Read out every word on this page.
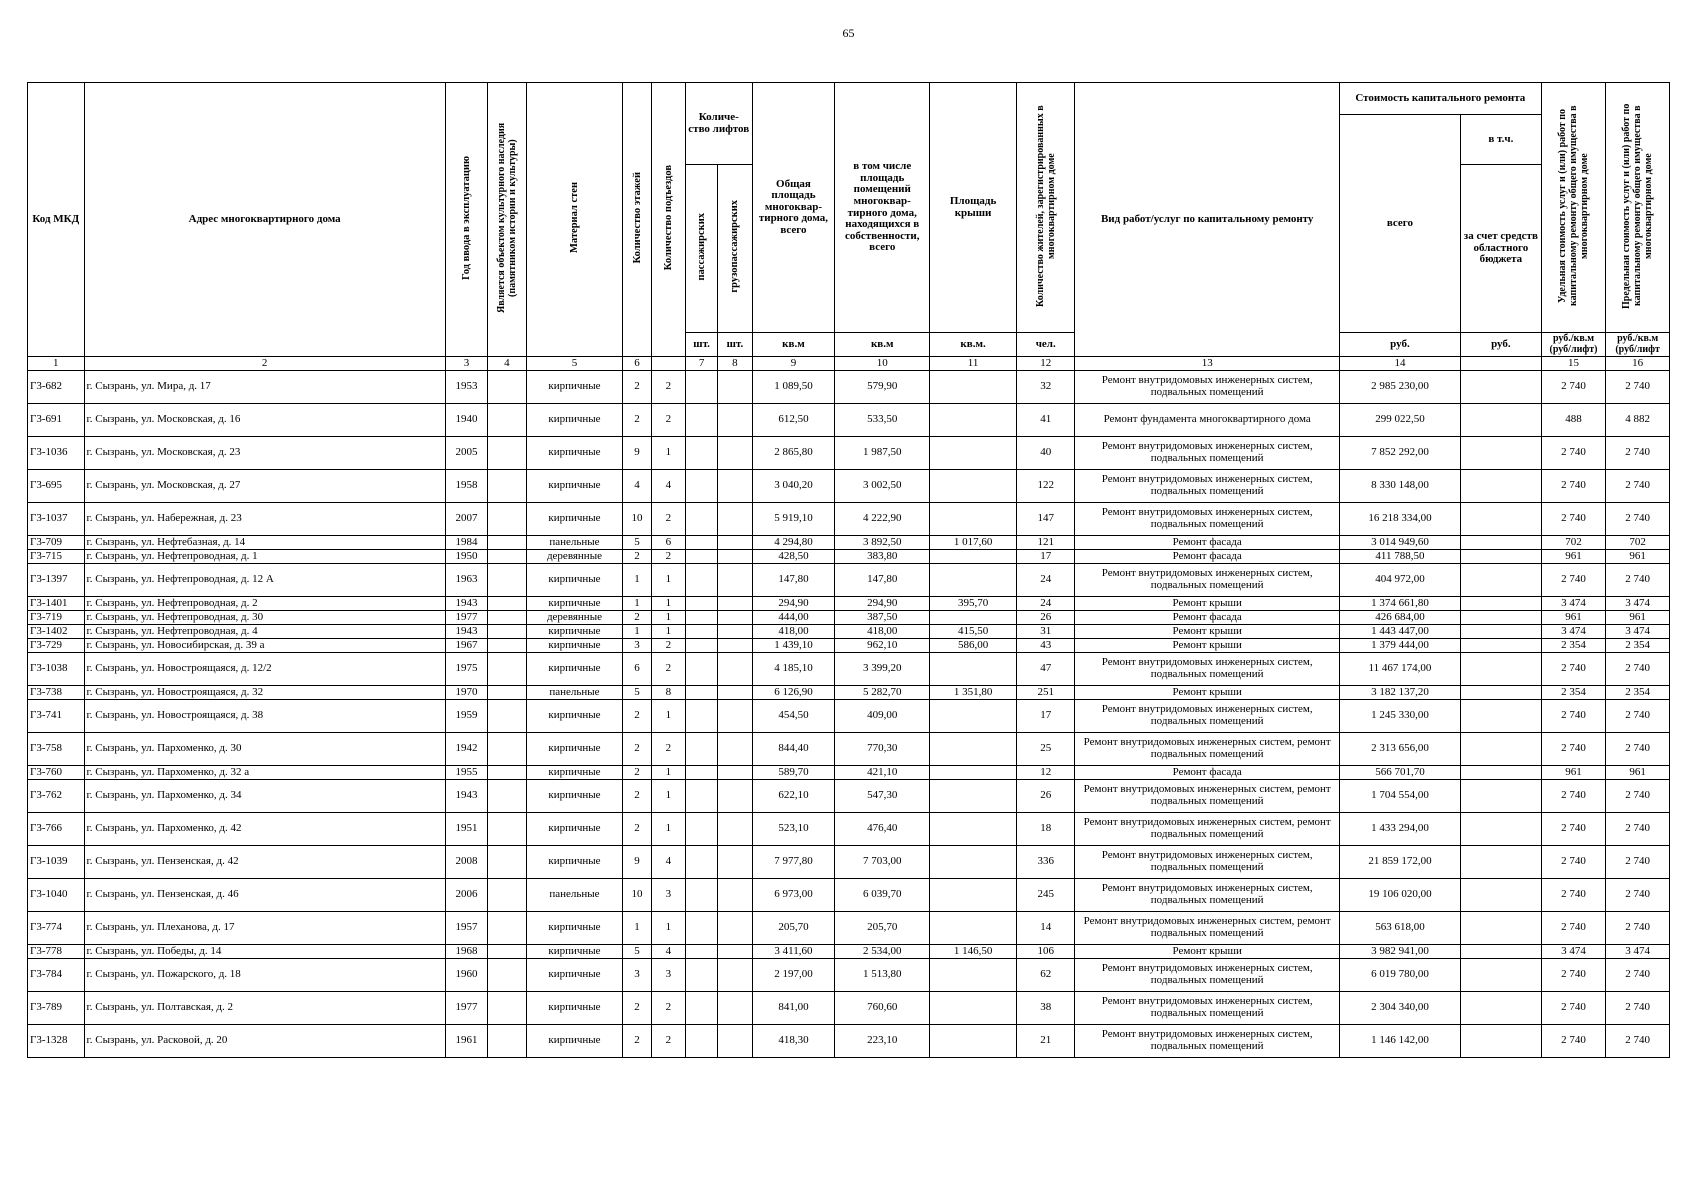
65
Код МКД	Адрес многоквартирного дома	Год ввода в эксплуатацию	Является объектом культурного наследия (памятником истории и культуры)	Материал стен	Количество этажей	Количество подъездов	Количе-ство лифтов		Общая площадь многоквар-тирного дома, всего	в том числе площадь помещений многоквар-тирного дома, находящихся в собственности, всего	Площадь крыши	Количество жителей, зарегистрированных в многоквартирном доме	Вид работ/услуг по капитальному ремонту	Стоимость капитального ремонта		Удельная стоимость услуг и (или) работ по капитальному ремонту общего имущества в многоквартирном доме	Предельная стоимость услуг и (или) работ по капитальному ремонту общего имущества в многоквартирном доме
														всего	в т.ч.		
							пассажирских	грузопассажирских							за счет средств областного бюджета		
							шт.	шт.	кв.м	кв.м	кв.м.	чел.		руб.	руб.	руб./кв.м (руб/лифт)	руб./кв.м (руб/лифт
1	2	3	4	5	6		7	8	9	10	11	12	13	14		15	16
Г3-682	г. Сызрань, ул. Мира, д. 17	1953		кирпичные	2	2			1 089,50	579,90		32	Ремонт внутридомовых инженерных систем, подвальных помещений	2 985 230,00		2 740	2 740
Г3-691	г. Сызрань, ул. Московская, д. 16	1940		кирпичные	2	2			612,50	533,50		41	Ремонт фундамента многоквартирного дома	299 022,50		488	4 882
Г3-1036	г. Сызрань, ул. Московская, д. 23	2005		кирпичные	9	1			2 865,80	1 987,50		40	Ремонт внутридомовых инженерных систем, подвальных помещений	7 852 292,00		2 740	2 740
Г3-695	г. Сызрань, ул. Московская, д. 27	1958		кирпичные	4	4			3 040,20	3 002,50		122	Ремонт внутридомовых инженерных систем, подвальных помещений	8 330 148,00		2 740	2 740
Г3-1037	г. Сызрань, ул. Набережная, д. 23	2007		кирпичные	10	2			5 919,10	4 222,90		147	Ремонт внутридомовых инженерных систем, подвальных помещений	16 218 334,00		2 740	2 740
Г3-709	г. Сызрань, ул. Нефтебазная, д. 14	1984		панельные	5	6			4 294,80	3 892,50	1 017,60	121	Ремонт фасада	3 014 949,60		702	702
Г3-715	г. Сызрань, ул. Нефтепроводная, д. 1	1950		деревянные	2	2			428,50	383,80		17	Ремонт фасада	411 788,50		961	961
Г3-1397	г. Сызрань, ул. Нефтепроводная, д. 12 А	1963		кирпичные	1	1			147,80	147,80		24	Ремонт внутридомовых инженерных систем, подвальных помещений	404 972,00		2 740	2 740
Г3-1401	г. Сызрань, ул. Нефтепроводная, д. 2	1943		кирпичные	1	1			294,90	294,90	395,70	24	Ремонт крыши	1 374 661,80		3 474	3 474
Г3-719	г. Сызрань, ул. Нефтепроводная, д. 30	1977		деревянные	2	1			444,00	387,50		26	Ремонт фасада	426 684,00		961	961
Г3-1402	г. Сызрань, ул. Нефтепроводная, д. 4	1943		кирпичные	1	1			418,00	418,00	415,50	31	Ремонт крыши	1 443 447,00		3 474	3 474
Г3-729	г. Сызрань, ул. Новосибирская, д. 39 а	1967		кирпичные	3	2			1 439,10	962,10	586,00	43	Ремонт крыши	1 379 444,00		2 354	2 354
Г3-1038	г. Сызрань, ул. Новостроящаяся, д. 12/2	1975		кирпичные	6	2			4 185,10	3 399,20		47	Ремонт внутридомовых инженерных систем, подвальных помещений	11 467 174,00		2 740	2 740
Г3-738	г. Сызрань, ул. Новостроящаяся, д. 32	1970		панельные	5	8			6 126,90	5 282,70	1 351,80	251	Ремонт крыши	3 182 137,20		2 354	2 354
Г3-741	г. Сызрань, ул. Новостроящаяся, д. 38	1959		кирпичные	2	1			454,50	409,00		17	Ремонт внутридомовых инженерных систем, подвальных помещений	1 245 330,00		2 740	2 740
Г3-758	г. Сызрань, ул. Пархоменко, д. 30	1942		кирпичные	2	2			844,40	770,30		25	Ремонт внутридомовых инженерных систем, ремонт подвальных помещений	2 313 656,00		2 740	2 740
Г3-760	г. Сызрань, ул. Пархоменко, д. 32 а	1955		кирпичные	2	1			589,70	421,10		12	Ремонт фасада	566 701,70		961	961
Г3-762	г. Сызрань, ул. Пархоменко, д. 34	1943		кирпичные	2	1			622,10	547,30		26	Ремонт внутридомовых инженерных систем, ремонт подвальных помещений	1 704 554,00		2 740	2 740
Г3-766	г. Сызрань, ул. Пархоменко, д. 42	1951		кирпичные	2	1			523,10	476,40		18	Ремонт внутридомовых инженерных систем, ремонт подвальных помещений	1 433 294,00		2 740	2 740
Г3-1039	г. Сызрань, ул. Пензенская, д. 42	2008		кирпичные	9	4			7 977,80	7 703,00		336	Ремонт внутридомовых инженерных систем, подвальных помещений	21 859 172,00		2 740	2 740
Г3-1040	г. Сызрань, ул. Пензенская, д. 46	2006		панельные	10	3			6 973,00	6 039,70		245	Ремонт внутридомовых инженерных систем, подвальных помещений	19 106 020,00		2 740	2 740
Г3-774	г. Сызрань, ул. Плеханова, д. 17	1957		кирпичные	1	1			205,70	205,70		14	Ремонт внутридомовых инженерных систем, ремонт подвальных помещений	563 618,00		2 740	2 740
Г3-778	г. Сызрань, ул. Победы, д. 14	1968		кирпичные	5	4			3 411,60	2 534,00	1 146,50	106	Ремонт крыши	3 982 941,00		3 474	3 474
Г3-784	г. Сызрань, ул. Пожарского, д. 18	1960		кирпичные	3	3			2 197,00	1 513,80		62	Ремонт внутридомовых инженерных систем, подвальных помещений	6 019 780,00		2 740	2 740
Г3-789	г. Сызрань, ул. Полтавская, д. 2	1977		кирпичные	2	2			841,00	760,60		38	Ремонт внутридомовых инженерных систем, подвальных помещений	2 304 340,00		2 740	2 740
Г3-1328	г. Сызрань, ул. Расковой, д. 20	1961		кирпичные	2	2			418,30	223,10		21	Ремонт внутридомовых инженерных систем, подвальных помещений	1 146 142,00		2 740	2 740
